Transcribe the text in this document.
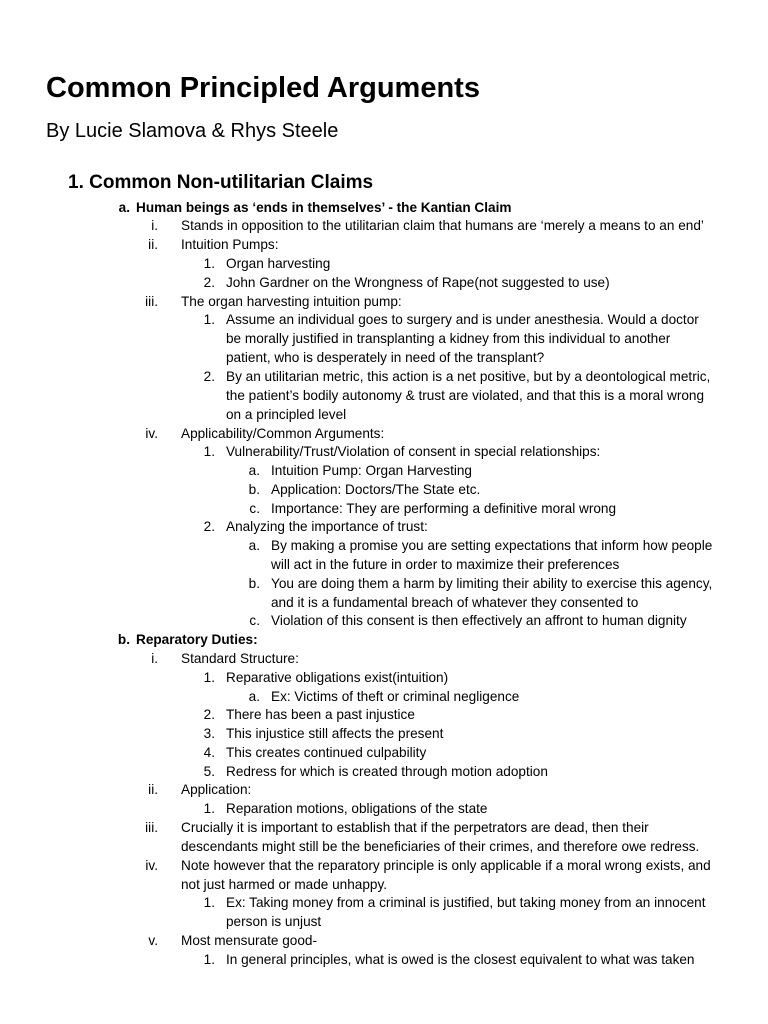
Common Principled Arguments
By Lucie Slamova & Rhys Steele
1. Common Non-utilitarian Claims
a. Human beings as ‘ends in themselves’ - the Kantian Claim
i. Stands in opposition to the utilitarian claim that humans are ‘merely a means to an end’
ii. Intuition Pumps:
1. Organ harvesting
2. John Gardner on the Wrongness of Rape(not suggested to use)
iii. The organ harvesting intuition pump:
1. Assume an individual goes to surgery and is under anesthesia. Would a doctor
be morally justified in transplanting a kidney from this individual to another
patient, who is desperately in need of the transplant?
2. By an utilitarian metric, this action is a net positive, but by a deontological metric,
the patient’s bodily autonomy & trust are violated, and that this is a moral wrong
on a principled level
iv. Applicability/Common Arguments:
1. Vulnerability/Trust/Violation of consent in special relationships:
a. Intuition Pump: Organ Harvesting
b. Application: Doctors/The State etc.
c. Importance: They are performing a definitive moral wrong
2. Analyzing the importance of trust:
a. By making a promise you are setting expectations that inform how people
will act in the future in order to maximize their preferences
b. You are doing them a harm by limiting their ability to exercise this agency,
and it is a fundamental breach of whatever they consented to
c. Violation of this consent is then effectively an affront to human dignity
b. Reparatory Duties:
i. Standard Structure:
1. Reparative obligations exist(intuition)
a. Ex: Victims of theft or criminal negligence
2. There has been a past injustice
3. This injustice still affects the present
4. This creates continued culpability
5. Redress for which is created through motion adoption
ii. Application:
1. Reparation motions, obligations of the state
iii. Crucially it is important to establish that if the perpetrators are dead, then their
descendants might still be the beneficiaries of their crimes, and therefore owe redress.
iv. Note however that the reparatory principle is only applicable if a moral wrong exists, and
not just harmed or made unhappy.
1. Ex: Taking money from a criminal is justified, but taking money from an innocent
person is unjust
v. Most mensurate good-
1. In general principles, what is owed is the closest equivalent to what was taken
